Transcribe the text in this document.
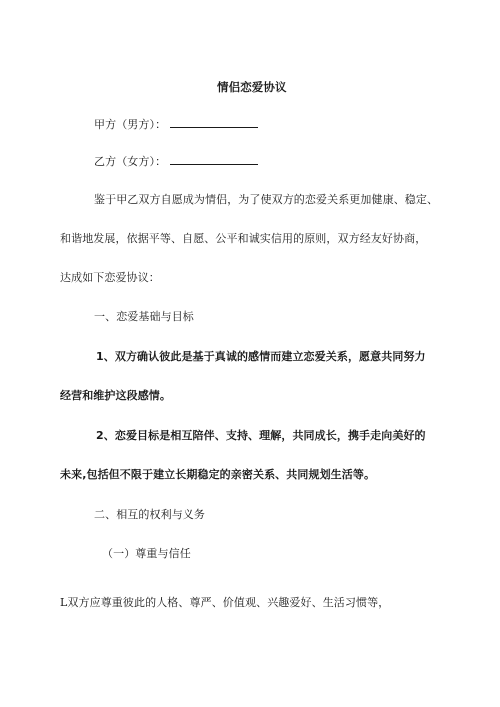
情侣恋爱协议
甲方（男方）：
乙方（女方）：
鉴于甲乙双方自愿成为情侣，为了使双方的恋爱关系更加健康、稳定、
和谐地发展，依据平等、自愿、公平和诚实信用的原则，双方经友好协商，
达成如下恋爱协议：
一、恋爱基础与目标
1、双方确认彼此是基于真诚的感情而建立恋爱关系，愿意共同努力
经营和维护这段感情。
2、恋爱目标是相互陪伴、支持、理解，共同成长，携手走向美好的
未来,包括但不限于建立长期稳定的亲密关系、共同规划生活等。
二、相互的权利与义务
（一）尊重与信任
L双方应尊重彼此的人格、尊严、价值观、兴趣爱好、生活习惯等，
